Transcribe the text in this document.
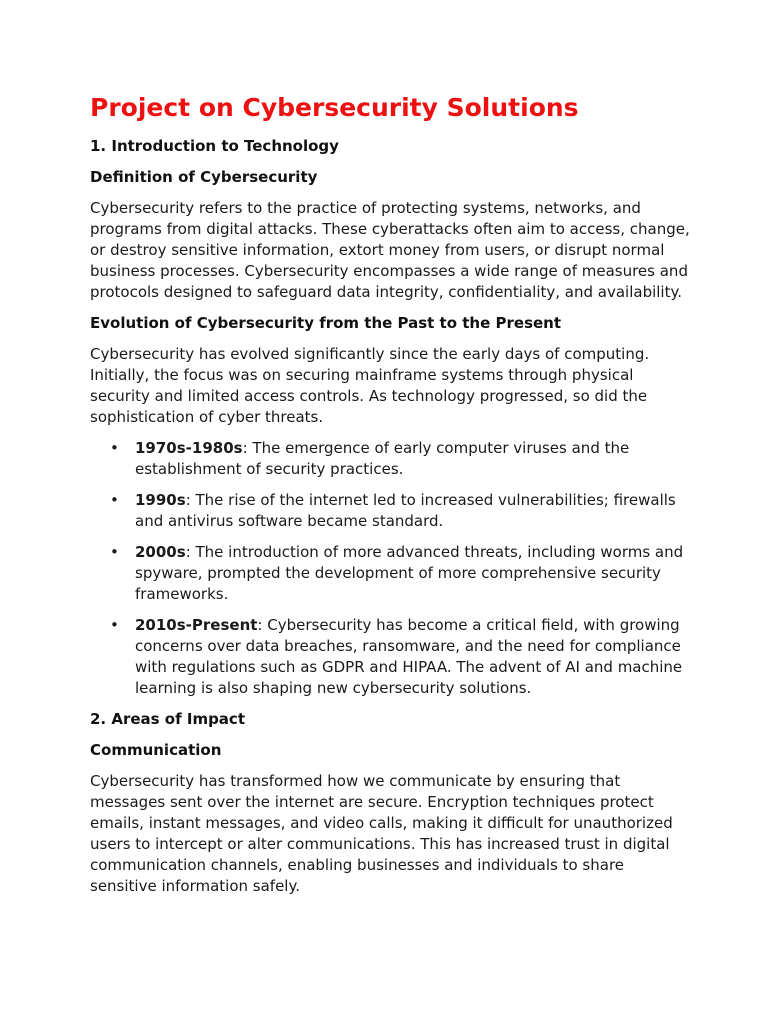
Project on Cybersecurity Solutions
1. Introduction to Technology
Definition of Cybersecurity

Cybersecurity refers to the practice of protecting systems, networks, and programs from digital attacks. These cyberattacks often aim to access, change, or destroy sensitive information, extort money from users, or disrupt normal business processes. Cybersecurity encompasses a wide range of measures and protocols designed to safeguard data integrity, confidentiality, and availability.

Evolution of Cybersecurity from the Past to the Present

Cybersecurity has evolved significantly since the early days of computing. Initially, the focus was on securing mainframe systems through physical security and limited access controls. As technology progressed, so did the sophistication of cyber threats.

• 1970s-1980s: The emergence of early computer viruses and the establishment of security practices.
• 1990s: The rise of the internet led to increased vulnerabilities; firewalls and antivirus software became standard.
• 2000s: The introduction of more advanced threats, including worms and spyware, prompted the development of more comprehensive security frameworks.
• 2010s-Present: Cybersecurity has become a critical field, with growing concerns over data breaches, ransomware, and the need for compliance with regulations such as GDPR and HIPAA. The advent of AI and machine learning is also shaping new cybersecurity solutions.
2. Areas of Impact
Communication

Cybersecurity has transformed how we communicate by ensuring that messages sent over the internet are secure. Encryption techniques protect emails, instant messages, and video calls, making it difficult for unauthorized users to intercept or alter communications. This has increased trust in digital communication channels, enabling businesses and individuals to share sensitive information safely.
